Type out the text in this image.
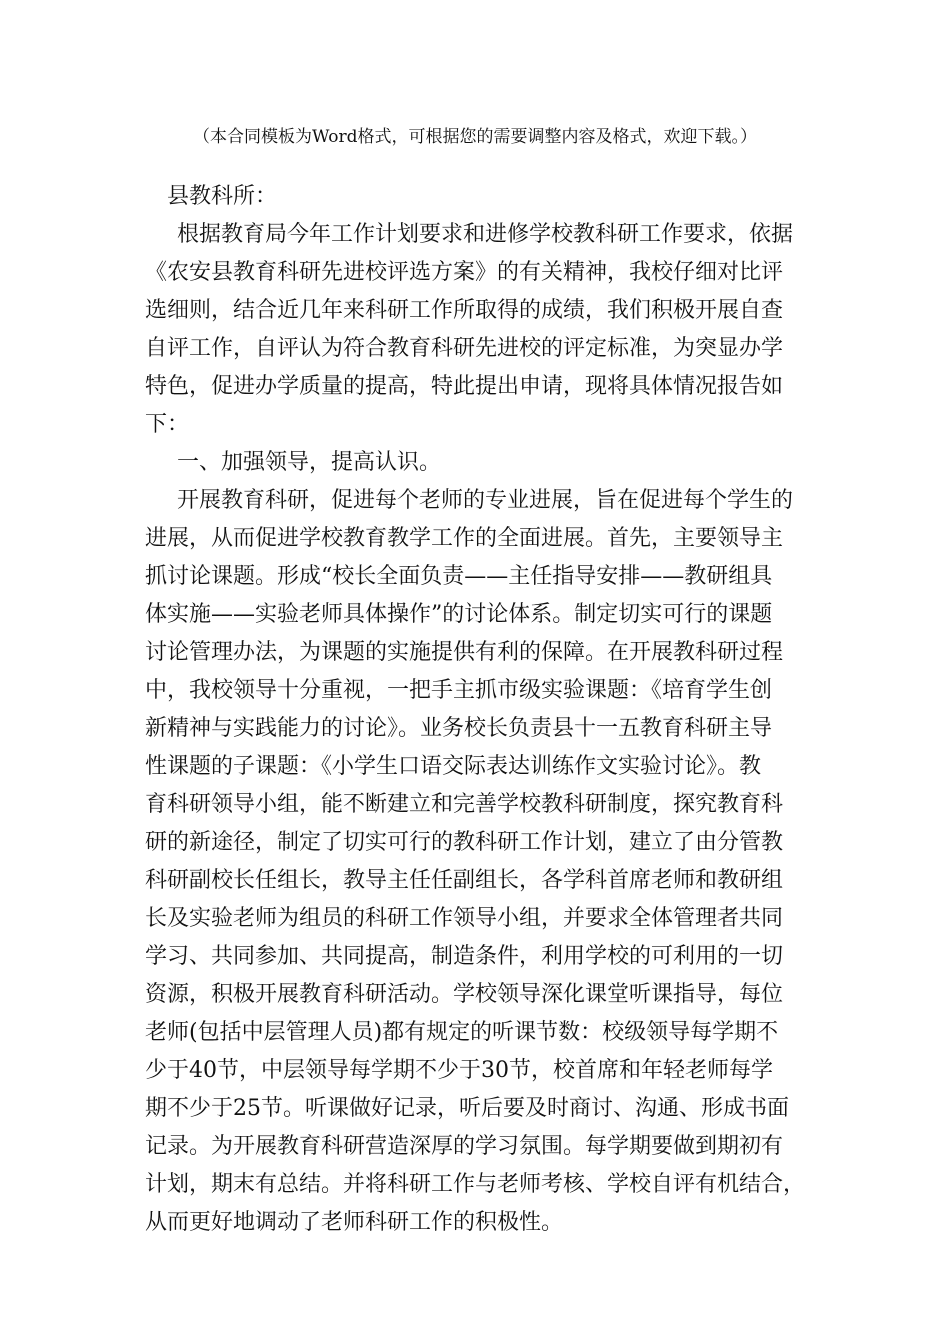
（本合同模板为Word格式，可根据您的需要调整内容及格式，欢迎下载。）

县教科所：

根据教育局今年工作计划要求和进修学校教科研工作要求，依据

《农安县教育科研先进校评选方案》的有关精神，我校仔细对比评

选细则，结合近几年来科研工作所取得的成绩，我们积极开展自查

自评工作，自评认为符合教育科研先进校的评定标准，为突显办学

特色，促进办学质量的提高，特此提出申请，现将具体情况报告如

下：

一、加强领导，提高认识。

开展教育科研，促进每个老师的专业进展，旨在促进每个学生的

进展，从而促进学校教育教学工作的全面进展。首先，主要领导主

抓讨论课题。形成“校长全面负责——主任指导安排——教研组具

体实施——实验老师具体操作”的讨论体系。制定切实可行的课题

讨论管理办法，为课题的实施提供有利的保障。在开展教科研过程

中，我校领导十分重视，一把手主抓市级实验课题：《培育学生创

新精神与实践能力的讨论》。业务校长负责县十一五教育科研主导

性课题的子课题：《小学生口语交际表达训练作文实验讨论》。教

育科研领导小组，能不断建立和完善学校教科研制度，探究教育科

研的新途径，制定了切实可行的教科研工作计划，建立了由分管教

科研副校长任组长，教导主任任副组长，各学科首席老师和教研组

长及实验老师为组员的科研工作领导小组，并要求全体管理者共同

学习、共同参加、共同提高，制造条件，利用学校的可利用的一切

资源，积极开展教育科研活动。学校领导深化课堂听课指导，每位

老师(包括中层管理人员)都有规定的听课节数：校级领导每学期不

少于40节，中层领导每学期不少于30节，校首席和年轻老师每学

期不少于25节。听课做好记录，听后要及时商讨、沟通、形成书面

记录。为开展教育科研营造深厚的学习氛围。每学期要做到期初有

计划，期末有总结。并将科研工作与老师考核、学校自评有机结合，

从而更好地调动了老师科研工作的积极性。
